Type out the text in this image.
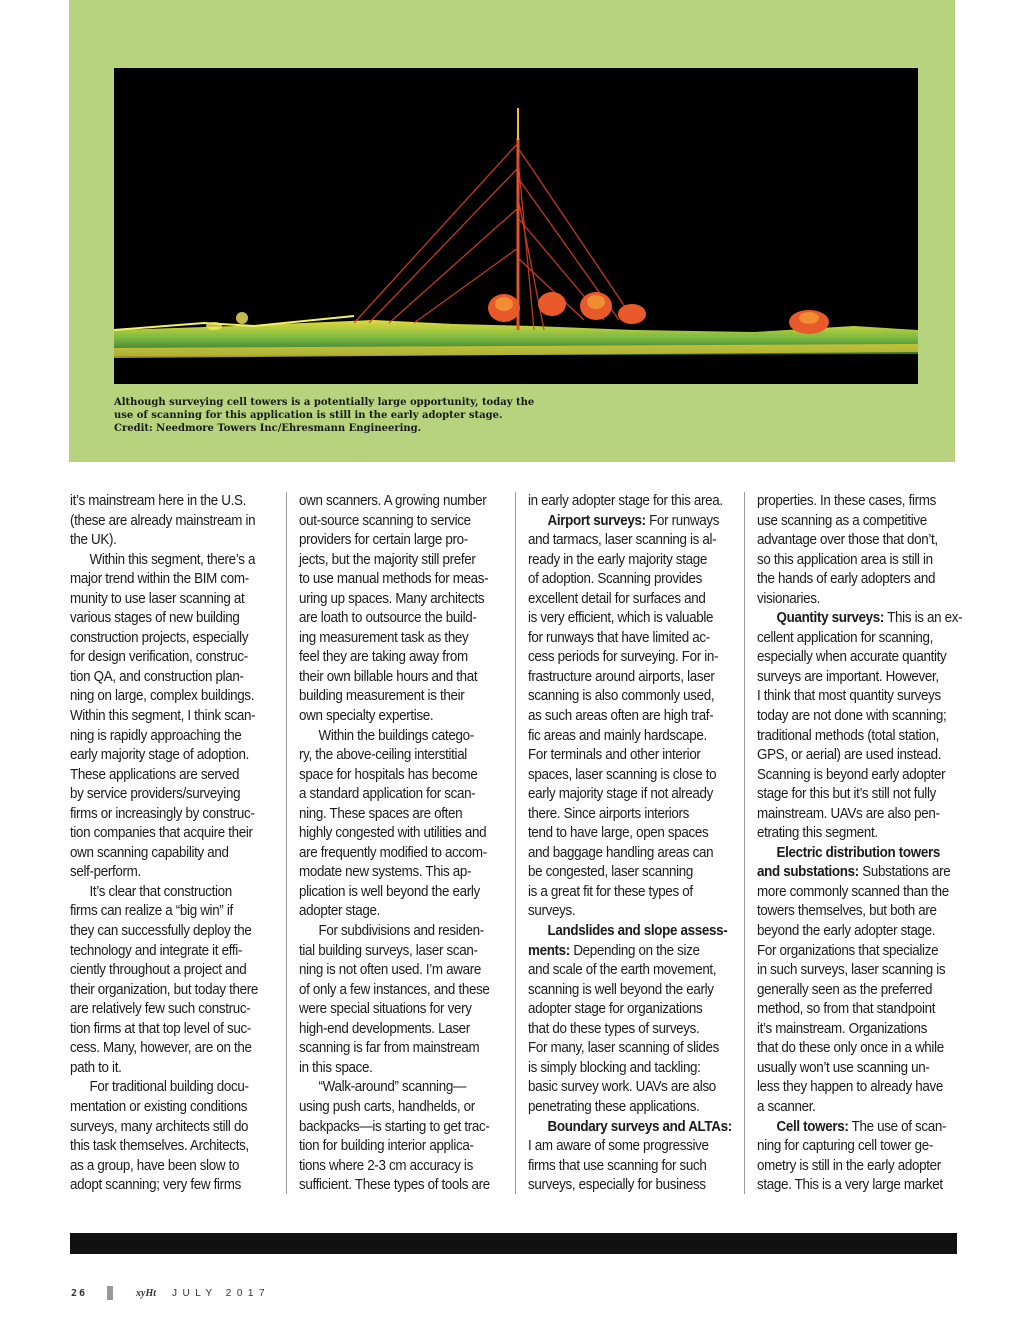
Although surveying cell towers is a potentially large opportunity, today the
use of scanning for this application is still in the early adopter stage.
Credit: Needmore Towers Inc/Ehresmann Engineering.
it’s mainstream here in the U.S.
(these are already mainstream in
the UK).
Within this segment, there’s a
major trend within the BIM com-
munity to use laser scanning at
various stages of new building
construction projects, especially
for design verification, construc-
tion QA, and construction plan-
ning on large, complex buildings.
Within this segment, I think scan-
ning is rapidly approaching the
early majority stage of adoption.
These applications are served
by service providers/surveying
firms or increasingly by construc-
tion companies that acquire their
own scanning capability and
self-perform.
It’s clear that construction
firms can realize a “big win” if
they can successfully deploy the
technology and integrate it effi-
ciently throughout a project and
their organization, but today there
are relatively few such construc-
tion firms at that top level of suc-
cess. Many, however, are on the
path to it.
For traditional building docu-
mentation or existing conditions
surveys, many architects still do
this task themselves. Architects,
as a group, have been slow to
adopt scanning; very few firms
own scanners. A growing number
out-source scanning to service
providers for certain large pro-
jects, but the majority still prefer
to use manual methods for meas-
uring up spaces. Many architects
are loath to outsource the build-
ing measurement task as they
feel they are taking away from
their own billable hours and that
building measurement is their
own specialty expertise.
Within the buildings catego-
ry, the above-ceiling interstitial
space for hospitals has become
a standard application for scan-
ning. These spaces are often
highly congested with utilities and
are frequently modified to accom-
modate new systems. This ap-
plication is well beyond the early
adopter stage.
For subdivisions and residen-
tial building surveys, laser scan-
ning is not often used. I’m aware
of only a few instances, and these
were special situations for very
high-end developments. Laser
scanning is far from mainstream
in this space.
“Walk-around” scanning—
using push carts, handhelds, or
backpacks—is starting to get trac-
tion for building interior applica-
tions where 2-3 cm accuracy is
sufficient. These types of tools are
in early adopter stage for this area.
Airport surveys: For runways
and tarmacs, laser scanning is al-
ready in the early majority stage
of adoption. Scanning provides
excellent detail for surfaces and
is very efficient, which is valuable
for runways that have limited ac-
cess periods for surveying. For in-
frastructure around airports, laser
scanning is also commonly used,
as such areas often are high traf-
fic areas and mainly hardscape.
For terminals and other interior
spaces, laser scanning is close to
early majority stage if not already
there. Since airports interiors
tend to have large, open spaces
and baggage handling areas can
be congested, laser scanning
is a great fit for these types of
surveys.
Landslides and slope assess-
ments: Depending on the size
and scale of the earth movement,
scanning is well beyond the early
adopter stage for organizations
that do these types of surveys.
For many, laser scanning of slides
is simply blocking and tackling:
basic survey work. UAVs are also
penetrating these applications.
Boundary surveys and ALTAs:
I am aware of some progressive
firms that use scanning for such
surveys, especially for business
properties. In these cases, firms
use scanning as a competitive
advantage over those that don’t,
so this application area is still in
the hands of early adopters and
visionaries.
Quantity surveys: This is an ex-
cellent application for scanning,
especially when accurate quantity
surveys are important. However,
I think that most quantity surveys
today are not done with scanning;
traditional methods (total station,
GPS, or aerial) are used instead.
Scanning is beyond early adopter
stage for this but it’s still not fully
mainstream. UAVs are also pen-
etrating this segment.
Electric distribution towers
and substations: Substations are
more commonly scanned than the
towers themselves, but both are
beyond the early adopter stage.
For organizations that specialize
in such surveys, laser scanning is
generally seen as the preferred
method, so from that standpoint
it’s mainstream. Organizations
that do these only once in a while
usually won’t use scanning un-
less they happen to already have
a scanner.
Cell towers: The use of scan-
ning for capturing cell tower ge-
ometry is still in the early adopter
stage. This is a very large market
26	xyHt JULY 2017
